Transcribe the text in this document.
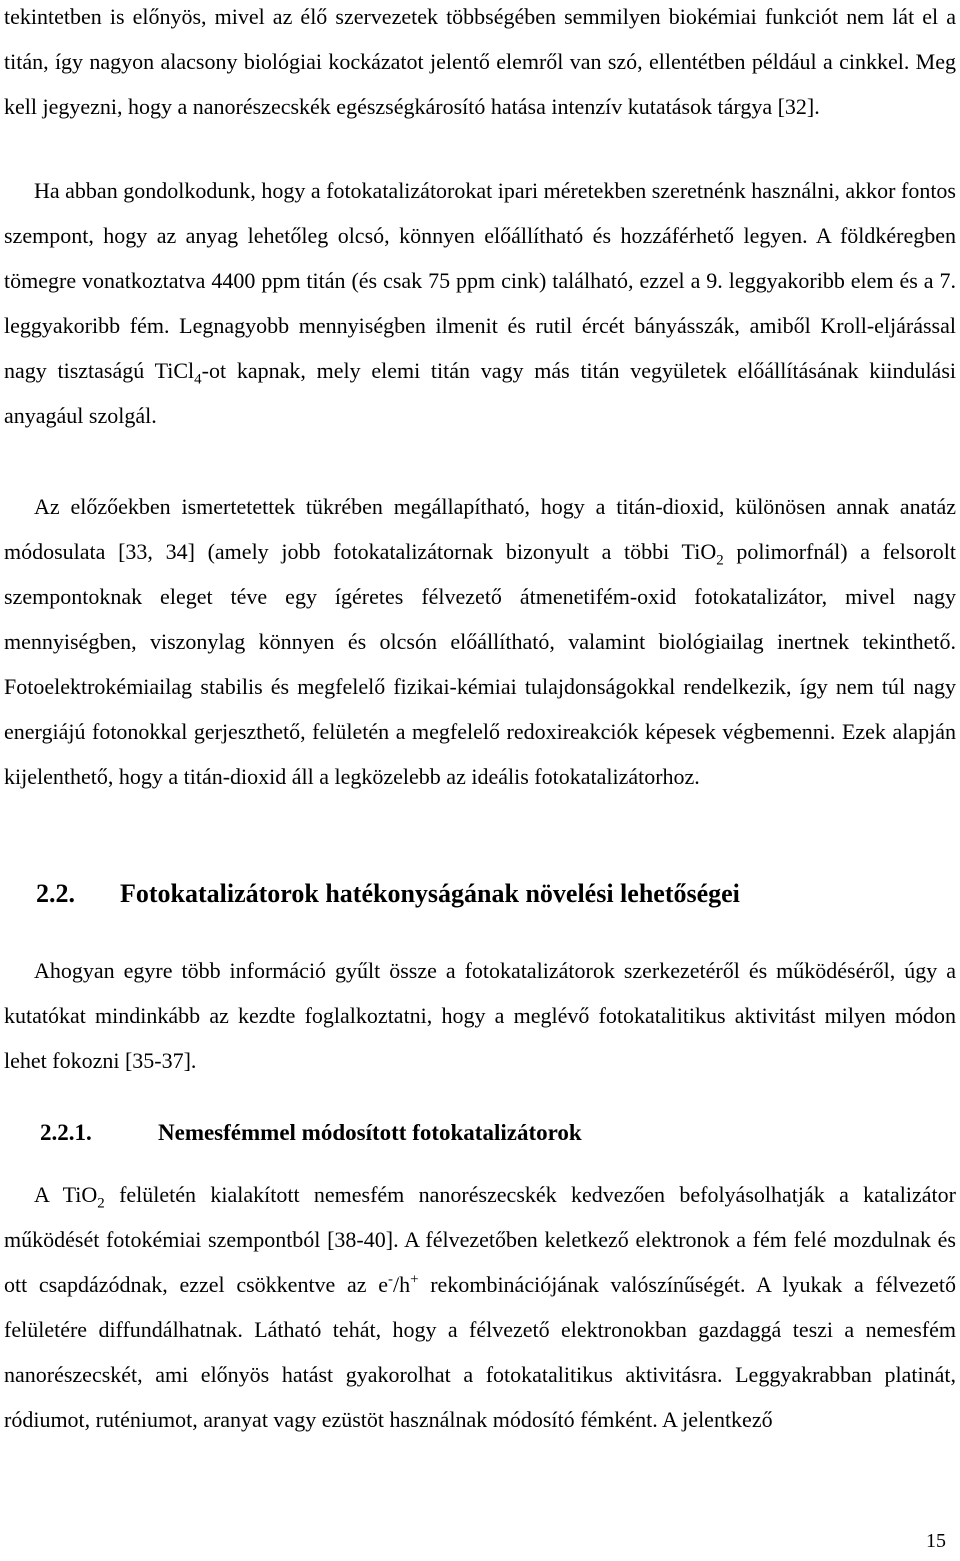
tekintetben is előnyös, mivel az élő szervezetek többségében semmilyen biokémiai funkciót nem lát el a titán, így nagyon alacsony biológiai kockázatot jelentő elemről van szó, ellentétben például a cinkkel. Meg kell jegyezni, hogy a nanorészecskék egészségkárosító hatása intenzív kutatások tárgya [32].

Ha abban gondolkodunk, hogy a fotokatalizátorokat ipari méretekben szeretnénk használni, akkor fontos szempont, hogy az anyag lehetőleg olcsó, könnyen előállítható és hozzáférhető legyen. A földkéregben tömegre vonatkoztatva 4400 ppm titán (és csak 75 ppm cink) található, ezzel a 9. leggyakoribb elem és a 7. leggyakoribb fém. Legnagyobb mennyiségben ilmenit és rutil ércét bányásszák, amiből Kroll-eljárással nagy tisztaságú TiCl$_4$-ot kapnak, mely elemi titán vagy más titán vegyületek előállításának kiindulási anyagául szolgál.

Az előzőekben ismertetettek tükrében megállapítható, hogy a titán-dioxid, különösen annak anatáz módosulata [33, 34] (amely jobb fotokatalizátornak bizonyult a többi TiO$_2$ polimorfnál) a felsorolt szempontoknak eleget téve egy ígéretes félvezető átmenetifém-oxid fotokatalizátor, mivel nagy mennyiségben, viszonylag könnyen és olcsón előállítható, valamint biológiailag inertnek tekinthető. Fotoelektrokémiailag stabilis és megfelelő fizikai-kémiai tulajdonságokkal rendelkezik, így nem túl nagy energiájú fotonokkal gerjeszthető, felületén a megfelelő redoxireakciók képesek végbemenni. Ezek alapján kijelenthető, hogy a titán-dioxid áll a legközelebb az ideális fotokatalizátorhoz.

2.2. Fotokatalizátorok hatékonyságának növelési lehetőségei

Ahogyan egyre több információ gyűlt össze a fotokatalizátorok szerkezetéről és működéséről, úgy a kutatókat mindinkább az kezdte foglalkoztatni, hogy a meglévő fotokatalitikus aktivitást milyen módon lehet fokozni [35-37].

2.2.1.	Nemesfémmel módosított fotokatalizátorok

A TiO$_2$ felületén kialakított nemesfém nanorészecskék kedvezően befolyásolhatják a katalizátor működését fotokémiai szempontból [38-40]. A félvezetőben keletkező elektronok a fém felé mozdulnak és ott csapdázódnak, ezzel csökkentve az e-/h+ rekombinációjának valószínűségét. A lyukak a félvezető felületére diffundálhatnak. Látható tehát, hogy a félvezető elektronokban gazdaggá teszi a nemesfém nanorészecskét, ami előnyös hatást gyakorolhat a fotokatalitikus aktivitásra. Leggyakrabban platinát, ródiumot, ruténiumot, aranyat vagy ezüstöt használnak módosító fémként. A jelentkező

15
